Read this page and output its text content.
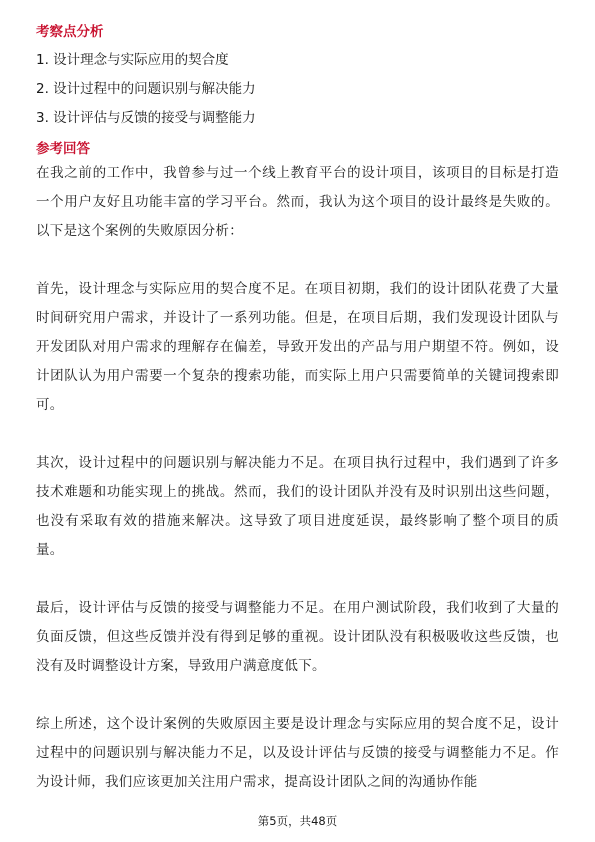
考察点分析
1. 设计理念与实际应用的契合度
2. 设计过程中的问题识别与解决能力
3. 设计评估与反馈的接受与调整能力
参考回答

在我之前的工作中，我曾参与过一个线上教育平台的设计项目，该项目的目标是打造一个用户友好且功能丰富的学习平台。然而，我认为这个项目的设计最终是失败的。以下是这个案例的失败原因分析：

首先，设计理念与实际应用的契合度不足。在项目初期，我们的设计团队花费了大量时间研究用户需求，并设计了一系列功能。但是，在项目后期，我们发现设计团队与开发团队对用户需求的理解存在偏差，导致开发出的产品与用户期望不符。例如，设计团队认为用户需要一个复杂的搜索功能，而实际上用户只需要简单的关键词搜索即可。

其次，设计过程中的问题识别与解决能力不足。在项目执行过程中，我们遇到了许多技术难题和功能实现上的挑战。然而，我们的设计团队并没有及时识别出这些问题，也没有采取有效的措施来解决。这导致了项目进度延误，最终影响了整个项目的质量。

最后，设计评估与反馈的接受与调整能力不足。在用户测试阶段，我们收到了大量的负面反馈，但这些反馈并没有得到足够的重视。设计团队没有积极吸收这些反馈，也没有及时调整设计方案，导致用户满意度低下。

综上所述，这个设计案例的失败原因主要是设计理念与实际应用的契合度不足，设计过程中的问题识别与解决能力不足，以及设计评估与反馈的接受与调整能力不足。作为设计师，我们应该更加关注用户需求，提高设计团队之间的沟通协作能

第5页，共48页
